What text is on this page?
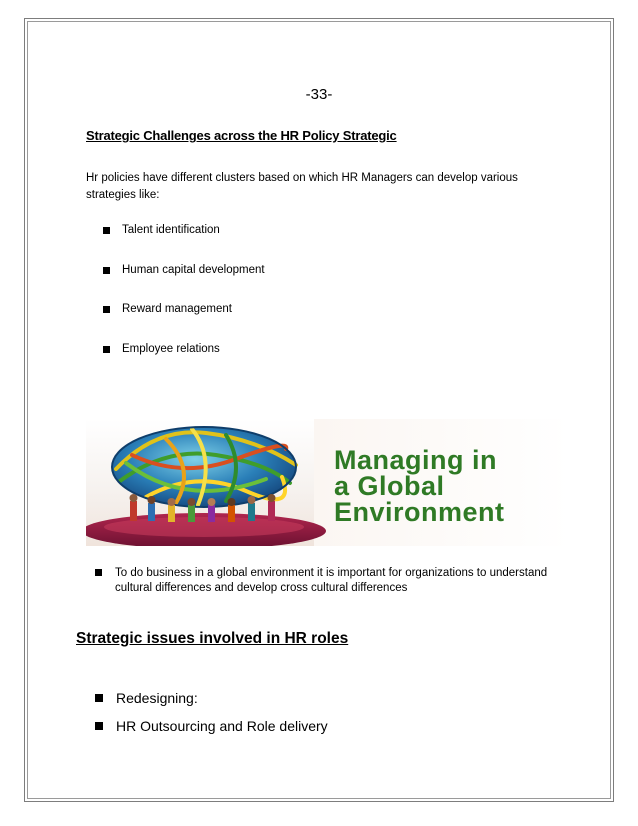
-33-
Strategic Challenges across the HR Policy Strategic
Hr policies have different clusters based on which HR Managers can develop various strategies like:
Talent identification
Human capital development
Reward management
Employee relations
Managing in
a Global
Environment
To do business in a global environment it is important for organizations to understand cultural differences and develop cross cultural differences
Strategic issues involved in HR roles
Redesigning:
HR Outsourcing and Role delivery
